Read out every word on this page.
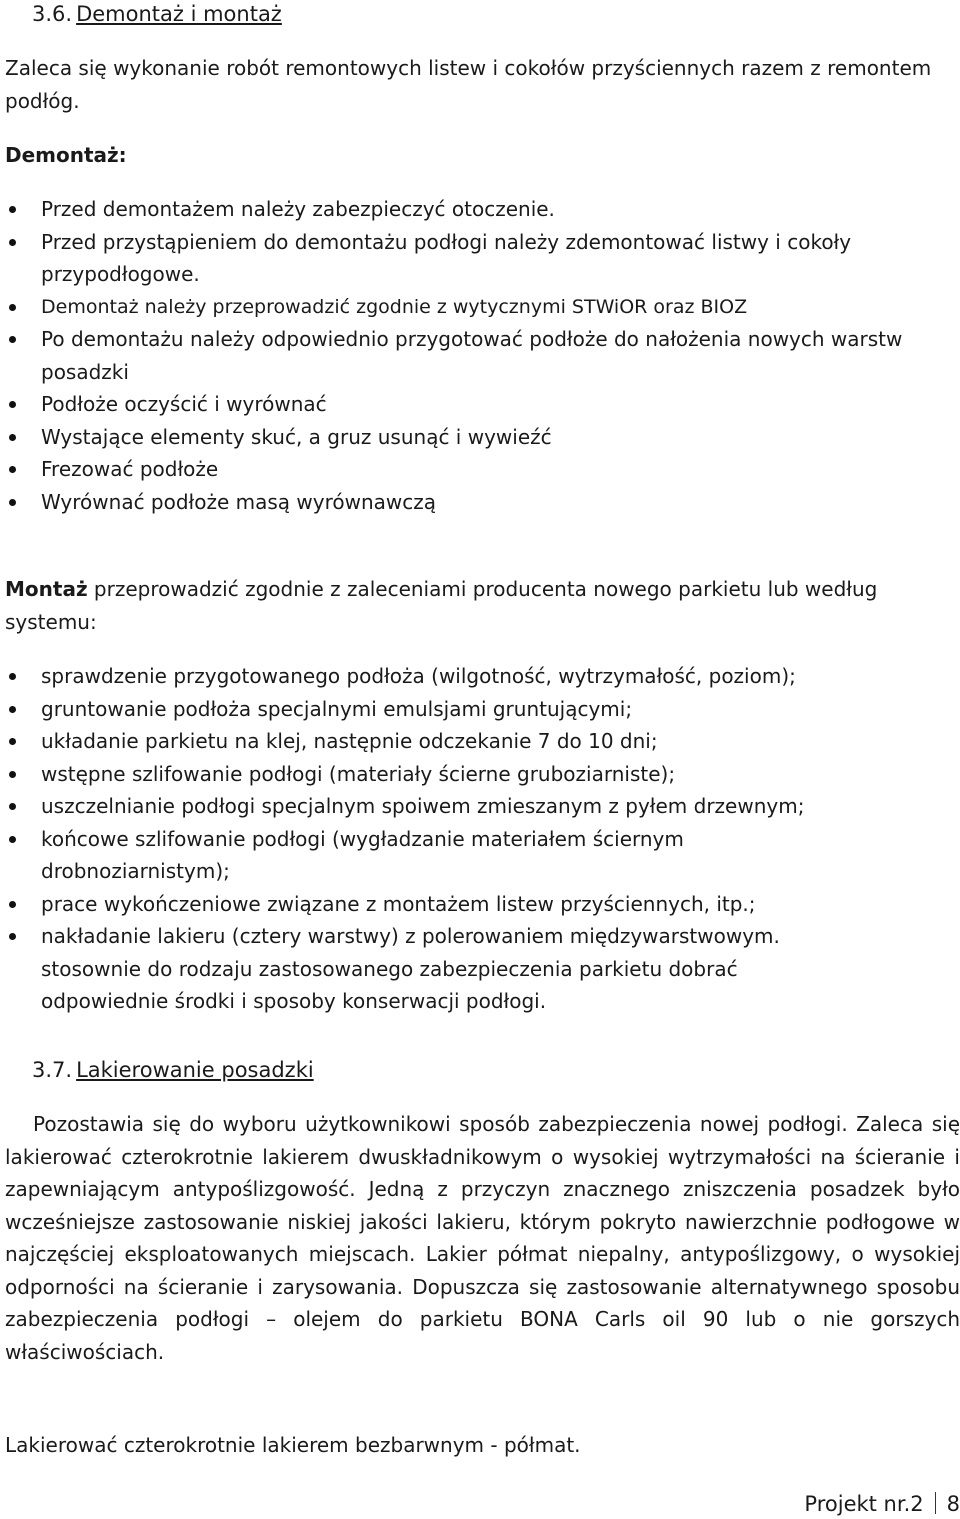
3.6. Demontaż i montaż

Zaleca się wykonanie robót remontowych listew i cokołów przyściennych razem z remontem podłóg.

Demontaż:

Przed demontażem należy zabezpieczyć otoczenie.
Przed przystąpieniem do demontażu podłogi należy zdemontować listwy i cokoły przypodłogowe.
Demontaż należy przeprowadzić zgodnie z wytycznymi STWiOR oraz BIOZ
Po demontażu należy odpowiednio przygotować podłoże do nałożenia nowych warstw posadzki
Podłoże oczyścić i wyrównać
Wystające elementy skuć, a gruz usunąć i wywieźć
Frezować podłoże
Wyrównać podłoże masą wyrównawczą

Montaż przeprowadzić zgodnie z zaleceniami producenta nowego parkietu lub według systemu:

sprawdzenie przygotowanego podłoża (wilgotność, wytrzymałość, poziom);
gruntowanie podłoża specjalnymi emulsjami gruntującymi;
układanie parkietu na klej, następnie odczekanie 7 do 10 dni;
wstępne szlifowanie podłogi (materiały ścierne gruboziarniste);
uszczelnianie podłogi specjalnym spoiwem zmieszanym z pyłem drzewnym;
końcowe szlifowanie podłogi (wygładzanie materiałem ściernym drobnoziarnistym);
prace wykończeniowe związane z montażem listew przyściennych, itp.;
nakładanie lakieru (cztery warstwy) z polerowaniem międzywarstwowym.
stosownie do rodzaju zastosowanego zabezpieczenia parkietu dobrać odpowiednie środki i sposoby konserwacji podłogi.
3.7. Lakierowanie posadzki

Pozostawia się do wyboru użytkownikowi sposób zabezpieczenia nowej podłogi. Zaleca się lakierować czterokrotnie lakierem dwuskładnikowym o wysokiej wytrzymałości na ścieranie i zapewniającym antypoślizgowość. Jedną z przyczyn znacznego zniszczenia posadzek było wcześniejsze zastosowanie niskiej jakości lakieru, którym pokryto nawierzchnie podłogowe w najczęściej eksploatowanych miejscach. Lakier półmat niepalny, antypoślizgowy, o wysokiej odporności na ścieranie i zarysowania. Dopuszcza się zastosowanie alternatywnego sposobu zabezpieczenia podłogi – olejem do parkietu BONA Carls oil 90 lub o nie gorszych właściwościach.

Lakierować czterokrotnie lakierem bezbarwnym - półmat.

Projekt nr.2 8
